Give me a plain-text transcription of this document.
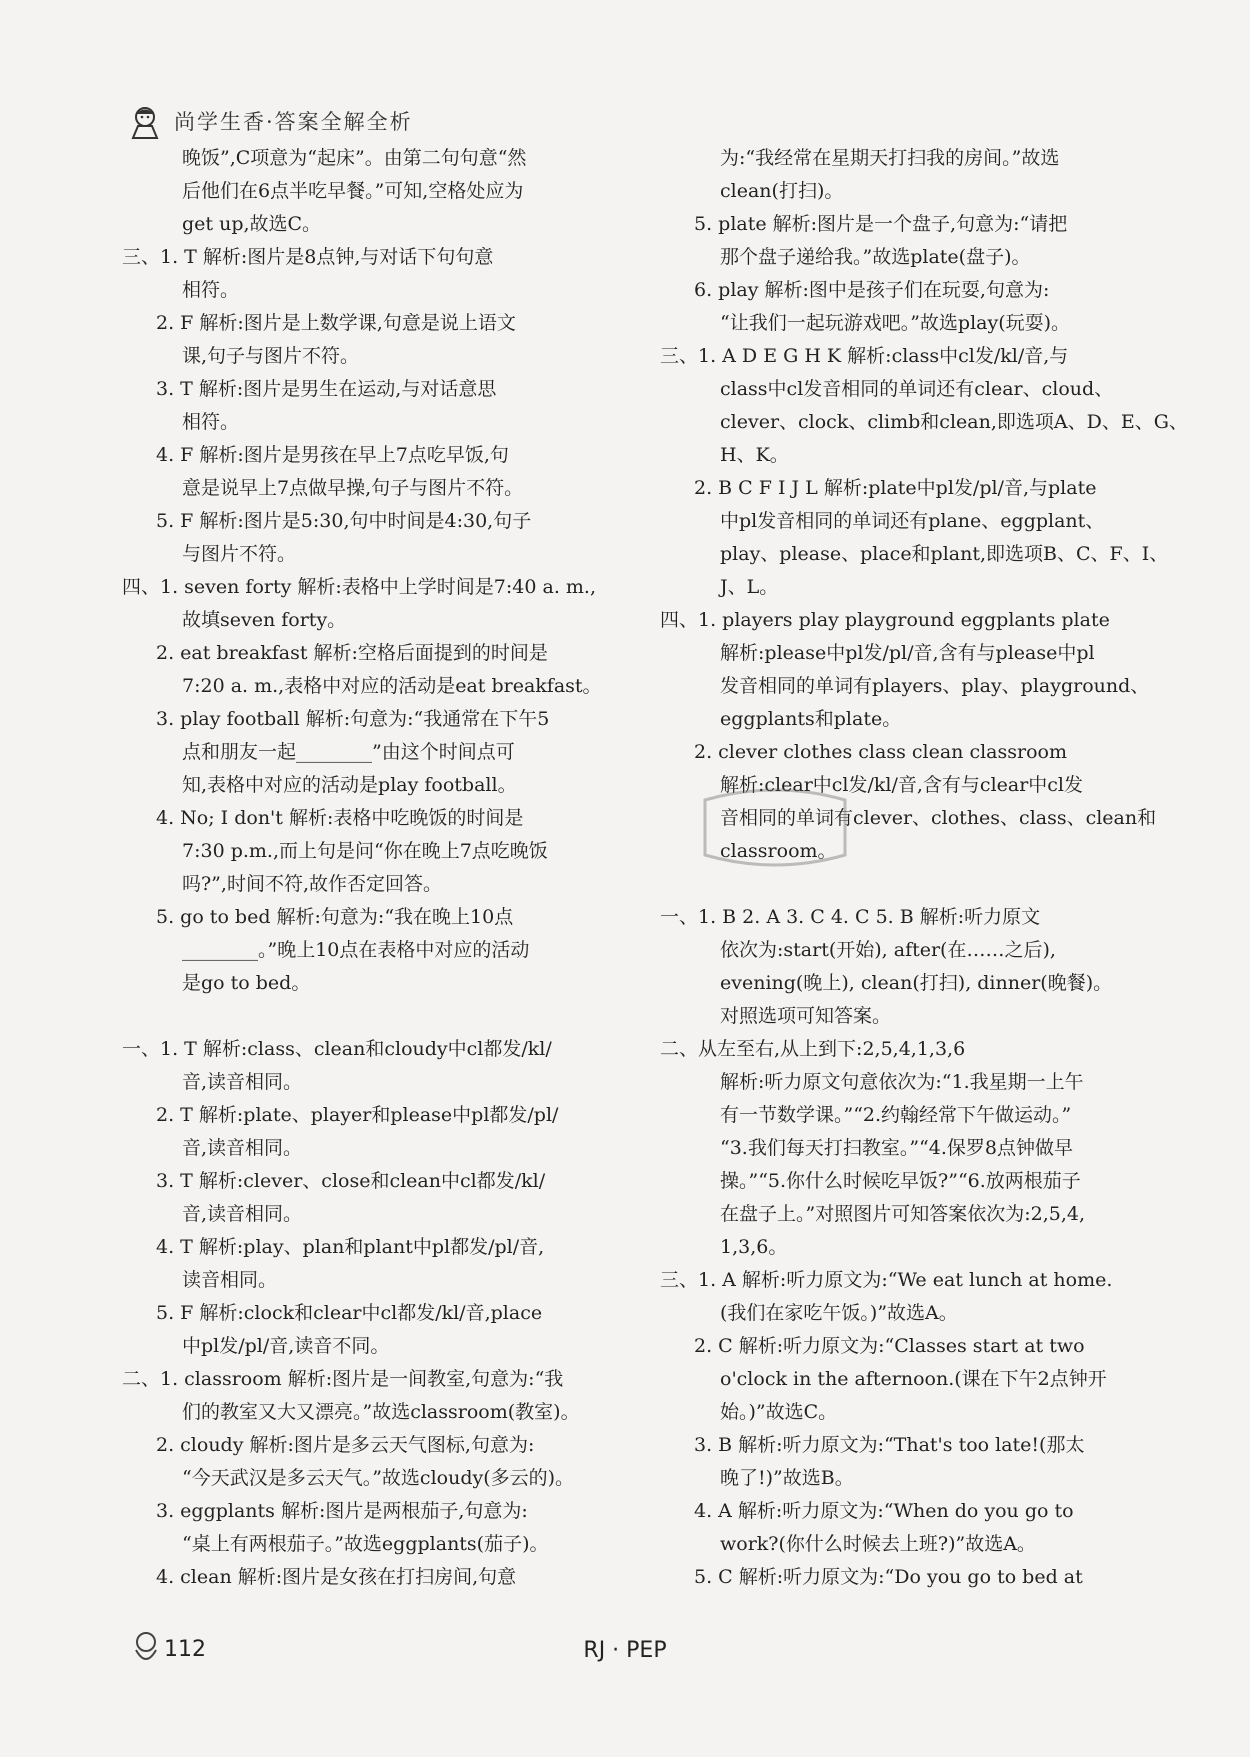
尚学生香·答案全解全析
晚饭”,C项意为“起床”。由第二句句意“然
后他们在6点半吃早餐。”可知,空格处应为
get up,故选C。
三、1. T 解析:图片是8点钟,与对话下句句意
相符。
2. F 解析:图片是上数学课,句意是说上语文
课,句子与图片不符。
3. T 解析:图片是男生在运动,与对话意思
相符。
4. F 解析:图片是男孩在早上7点吃早饭,句
意是说早上7点做早操,句子与图片不符。
5. F 解析:图片是5:30,句中时间是4:30,句子
与图片不符。
四、1. seven forty 解析:表格中上学时间是7:40 a. m.,
故填seven forty。
2. eat breakfast 解析:空格后面提到的时间是
7:20 a. m.,表格中对应的活动是eat breakfast。
3. play football 解析:句意为:“我通常在下午5
点和朋友一起________”由这个时间点可
知,表格中对应的活动是play football。
4. No; I don't 解析:表格中吃晚饭的时间是
7:30 p.m.,而上句是问“你在晚上7点吃晚饭
吗?”,时间不符,故作否定回答。
5. go to bed 解析:句意为:“我在晚上10点
________。”晚上10点在表格中对应的活动
是go to bed。
一、1. T 解析:class、clean和cloudy中cl都发/kl/
音,读音相同。
2. T 解析:plate、player和please中pl都发/pl/
音,读音相同。
3. T 解析:clever、close和clean中cl都发/kl/
音,读音相同。
4. T 解析:play、plan和plant中pl都发/pl/音,
读音相同。
5. F 解析:clock和clear中cl都发/kl/音,place
中pl发/pl/音,读音不同。
二、1. classroom 解析:图片是一间教室,句意为:“我
们的教室又大又漂亮。”故选classroom(教室)。
2. cloudy 解析:图片是多云天气图标,句意为:
“今天武汉是多云天气。”故选cloudy(多云的)。
3. eggplants 解析:图片是两根茄子,句意为:
“桌上有两根茄子。”故选eggplants(茄子)。
4. clean 解析:图片是女孩在打扫房间,句意
为:“我经常在星期天打扫我的房间。”故选
clean(打扫)。
5. plate 解析:图片是一个盘子,句意为:“请把
那个盘子递给我。”故选plate(盘子)。
6. play 解析:图中是孩子们在玩耍,句意为:
“让我们一起玩游戏吧。”故选play(玩耍)。
三、1. A D E G H K 解析:class中cl发/kl/音,与
class中cl发音相同的单词还有clear、cloud、
clever、clock、climb和clean,即选项A、D、E、G、
H、K。
2. B C F I J L 解析:plate中pl发/pl/音,与plate
中pl发音相同的单词还有plane、eggplant、
play、please、place和plant,即选项B、C、F、I、
J、L。
四、1. players play playground eggplants plate
解析:please中pl发/pl/音,含有与please中pl
发音相同的单词有players、play、playground、
eggplants和plate。
2. clever clothes class clean classroom
解析:clear中cl发/kl/音,含有与clear中cl发
音相同的单词有clever、clothes、class、clean和
classroom。
一、1. B 2. A 3. C 4. C 5. B 解析:听力原文
依次为:start(开始), after(在……之后),
evening(晚上), clean(打扫), dinner(晚餐)。
对照选项可知答案。
二、从左至右,从上到下:2,5,4,1,3,6
解析:听力原文句意依次为:“1.我星期一上午
有一节数学课。”“2.约翰经常下午做运动。”
“3.我们每天打扫教室。”“4.保罗8点钟做早
操。”“5.你什么时候吃早饭?”“6.放两根茄子
在盘子上。”对照图片可知答案依次为:2,5,4,
1,3,6。
三、1. A 解析:听力原文为:“We eat lunch at home.
(我们在家吃午饭。)”故选A。
2. C 解析:听力原文为:“Classes start at two
o'clock in the afternoon.(课在下午2点钟开
始。)”故选C。
3. B 解析:听力原文为:“That's too late!(那太
晚了!)”故选B。
4. A 解析:听力原文为:“When do you go to
work?(你什么时候去上班?)”故选A。
5. C 解析:听力原文为:“Do you go to bed at
112	RJ · PEP
